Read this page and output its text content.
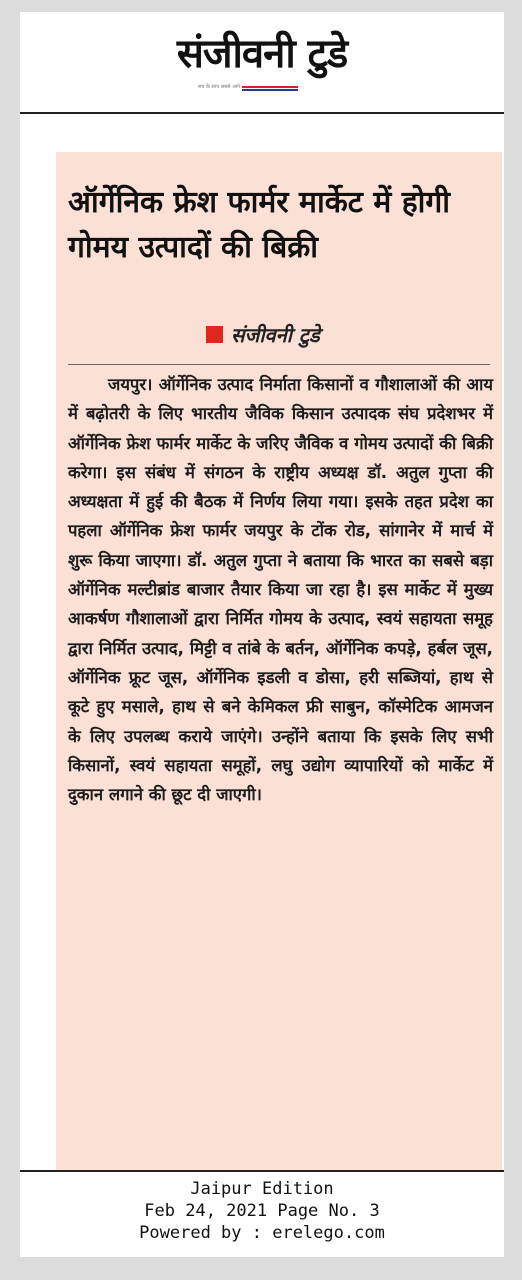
संजीवनी टुडे
सच के साथ सबसे आगे
ऑर्गेनिक फ्रेश फार्मर मार्केट में होगी गोमय उत्पादों की बिक्री
संजीवनी टुडे

जयपुर। ऑर्गेनिक उत्पाद निर्माता किसानों व गौशालाओं की आय में बढ़ोतरी के लिए भारतीय जैविक किसान उत्पादक संघ प्रदेशभर में ऑर्गेनिक फ्रेश फार्मर मार्केट के जरिए जैविक व गोमय उत्पादों की बिक्री करेगा। इस संबंध में संगठन के राष्ट्रीय अध्यक्ष डॉ. अतुल गुप्ता की अध्यक्षता में हुई की बैठक में निर्णय लिया गया। इसके तहत प्रदेश का पहला ऑर्गेनिक फ्रेश फार्मर जयपुर के टोंक रोड, सांगानेर में मार्च में शुरू किया जाएगा। डॉ. अतुल गुप्ता ने बताया कि भारत का सबसे बड़ा ऑर्गेनिक मल्टीब्रांड बाजार तैयार किया जा रहा है। इस मार्केट में मुख्य आकर्षण गौशालाओं द्वारा निर्मित गोमय के उत्पाद, स्वयं सहायता समूह द्वारा निर्मित उत्पाद, मिट्टी व तांबे के बर्तन, ऑर्गेनिक कपड़े, हर्बल जूस, ऑर्गेनिक फ्रूट जूस, ऑर्गेनिक इडली व डोसा, हरी सब्जियां, हाथ से कूटे हुए मसाले, हाथ से बने केमिकल फ्री साबुन, कॉस्मेटिक आमजन के लिए उपलब्ध कराये जाएंगे। उन्होंने बताया कि इसके लिए सभी किसानों, स्वयं सहायता समूहों, लघु उद्योग व्यापारियों को मार्केट में दुकान लगाने की छूट दी जाएगी।

Jaipur Edition
Feb 24, 2021 Page No. 3
Powered by : erelego.com
